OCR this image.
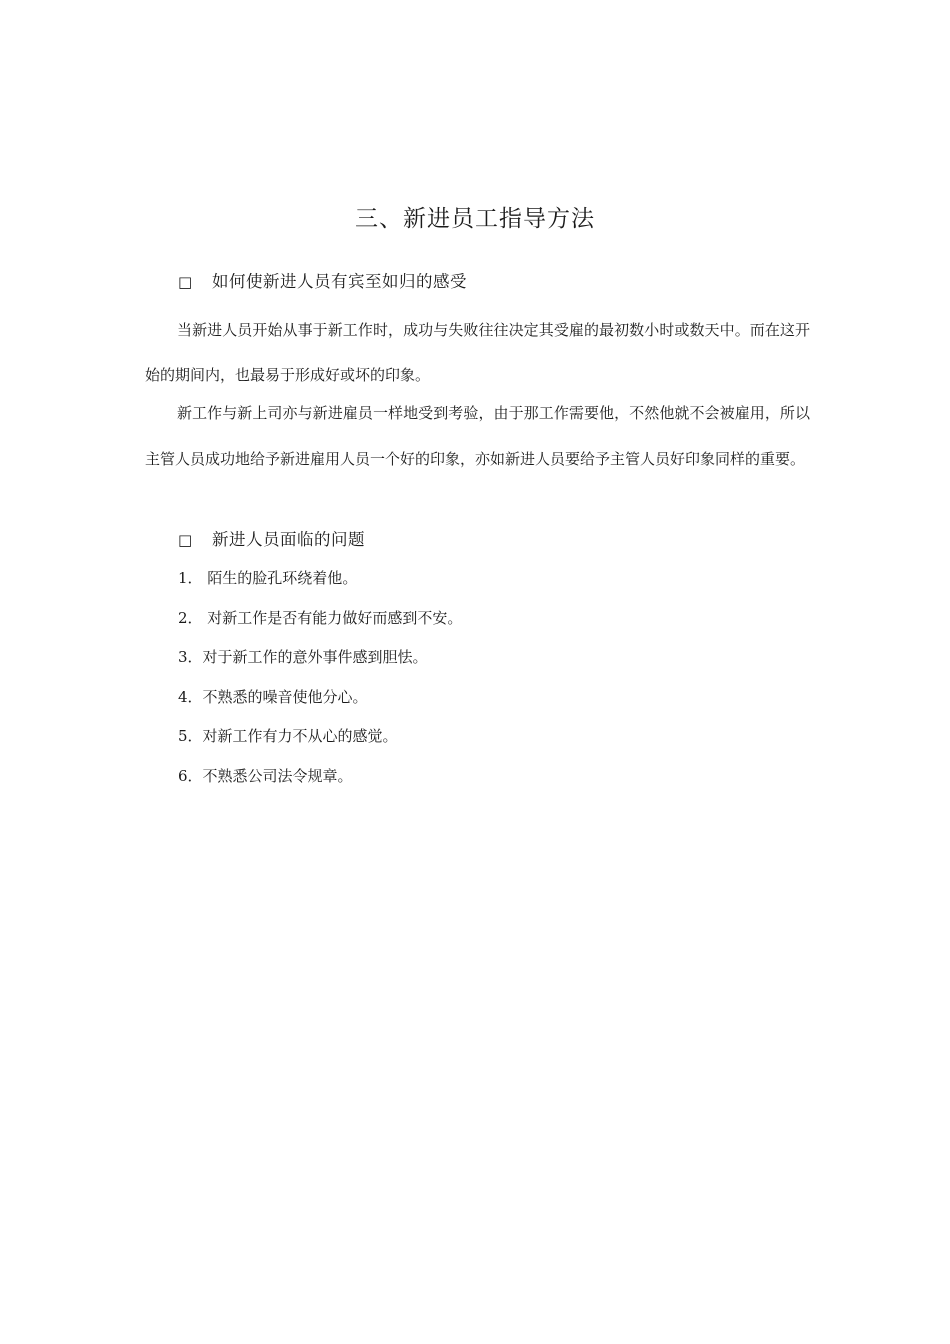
三、新进员工指导方法
□ 如何使新进人员有宾至如归的感受

当新进人员开始从事于新工作时，成功与失败往往决定其受雇的最初数小时或数天中。而在这开始的期间内，也最易于形成好或坏的印象。

新工作与新上司亦与新进雇员一样地受到考验，由于那工作需要他，不然他就不会被雇用，所以主管人员成功地给予新进雇用人员一个好的印象，亦如新进人员要给予主管人员好印象同样的重要。

□ 新进人员面临的问题
1． 陌生的脸孔环绕着他。
2． 对新工作是否有能力做好而感到不安。
3．对于新工作的意外事件感到胆怯。
4．不熟悉的噪音使他分心。
5．对新工作有力不从心的感觉。
6．不熟悉公司法令规章。
